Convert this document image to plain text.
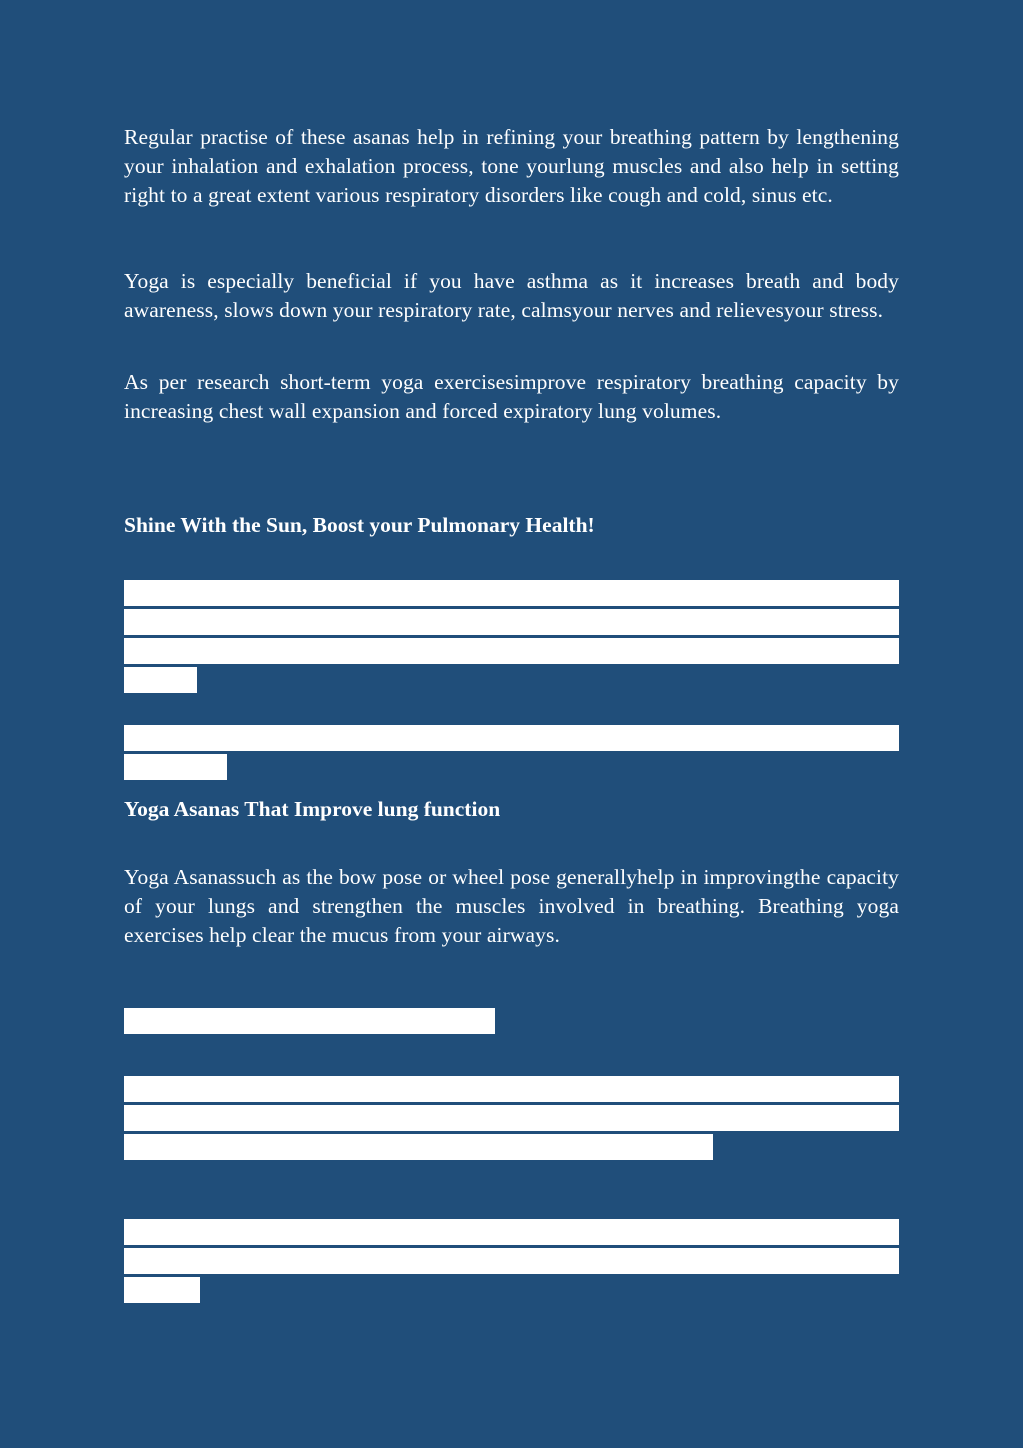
Regular practise of these asanas help in refining your breathing pattern by lengthening your inhalation and exhalation process, tone yourlung muscles and also help in setting right to a great extent various respiratory disorders like cough and cold, sinus etc.

Yoga is especially beneficial if you have asthma as it increases breath and body awareness, slows down your respiratory rate, calmsyour nerves and relievesyour stress.

As per research short-term yoga exercisesimprove respiratory breathing capacity by increasing chest wall expansion and forced expiratory lung volumes.

Shine With the Sun, Boost your Pulmonary Health!
Yoga Asanas That Improve lung function

Yoga Asanassuch as the bow pose or wheel pose generallyhelp in improvingthe capacity of your lungs and strengthen the muscles involved in breathing. Breathing yoga exercises help clear the mucus from your airways.
